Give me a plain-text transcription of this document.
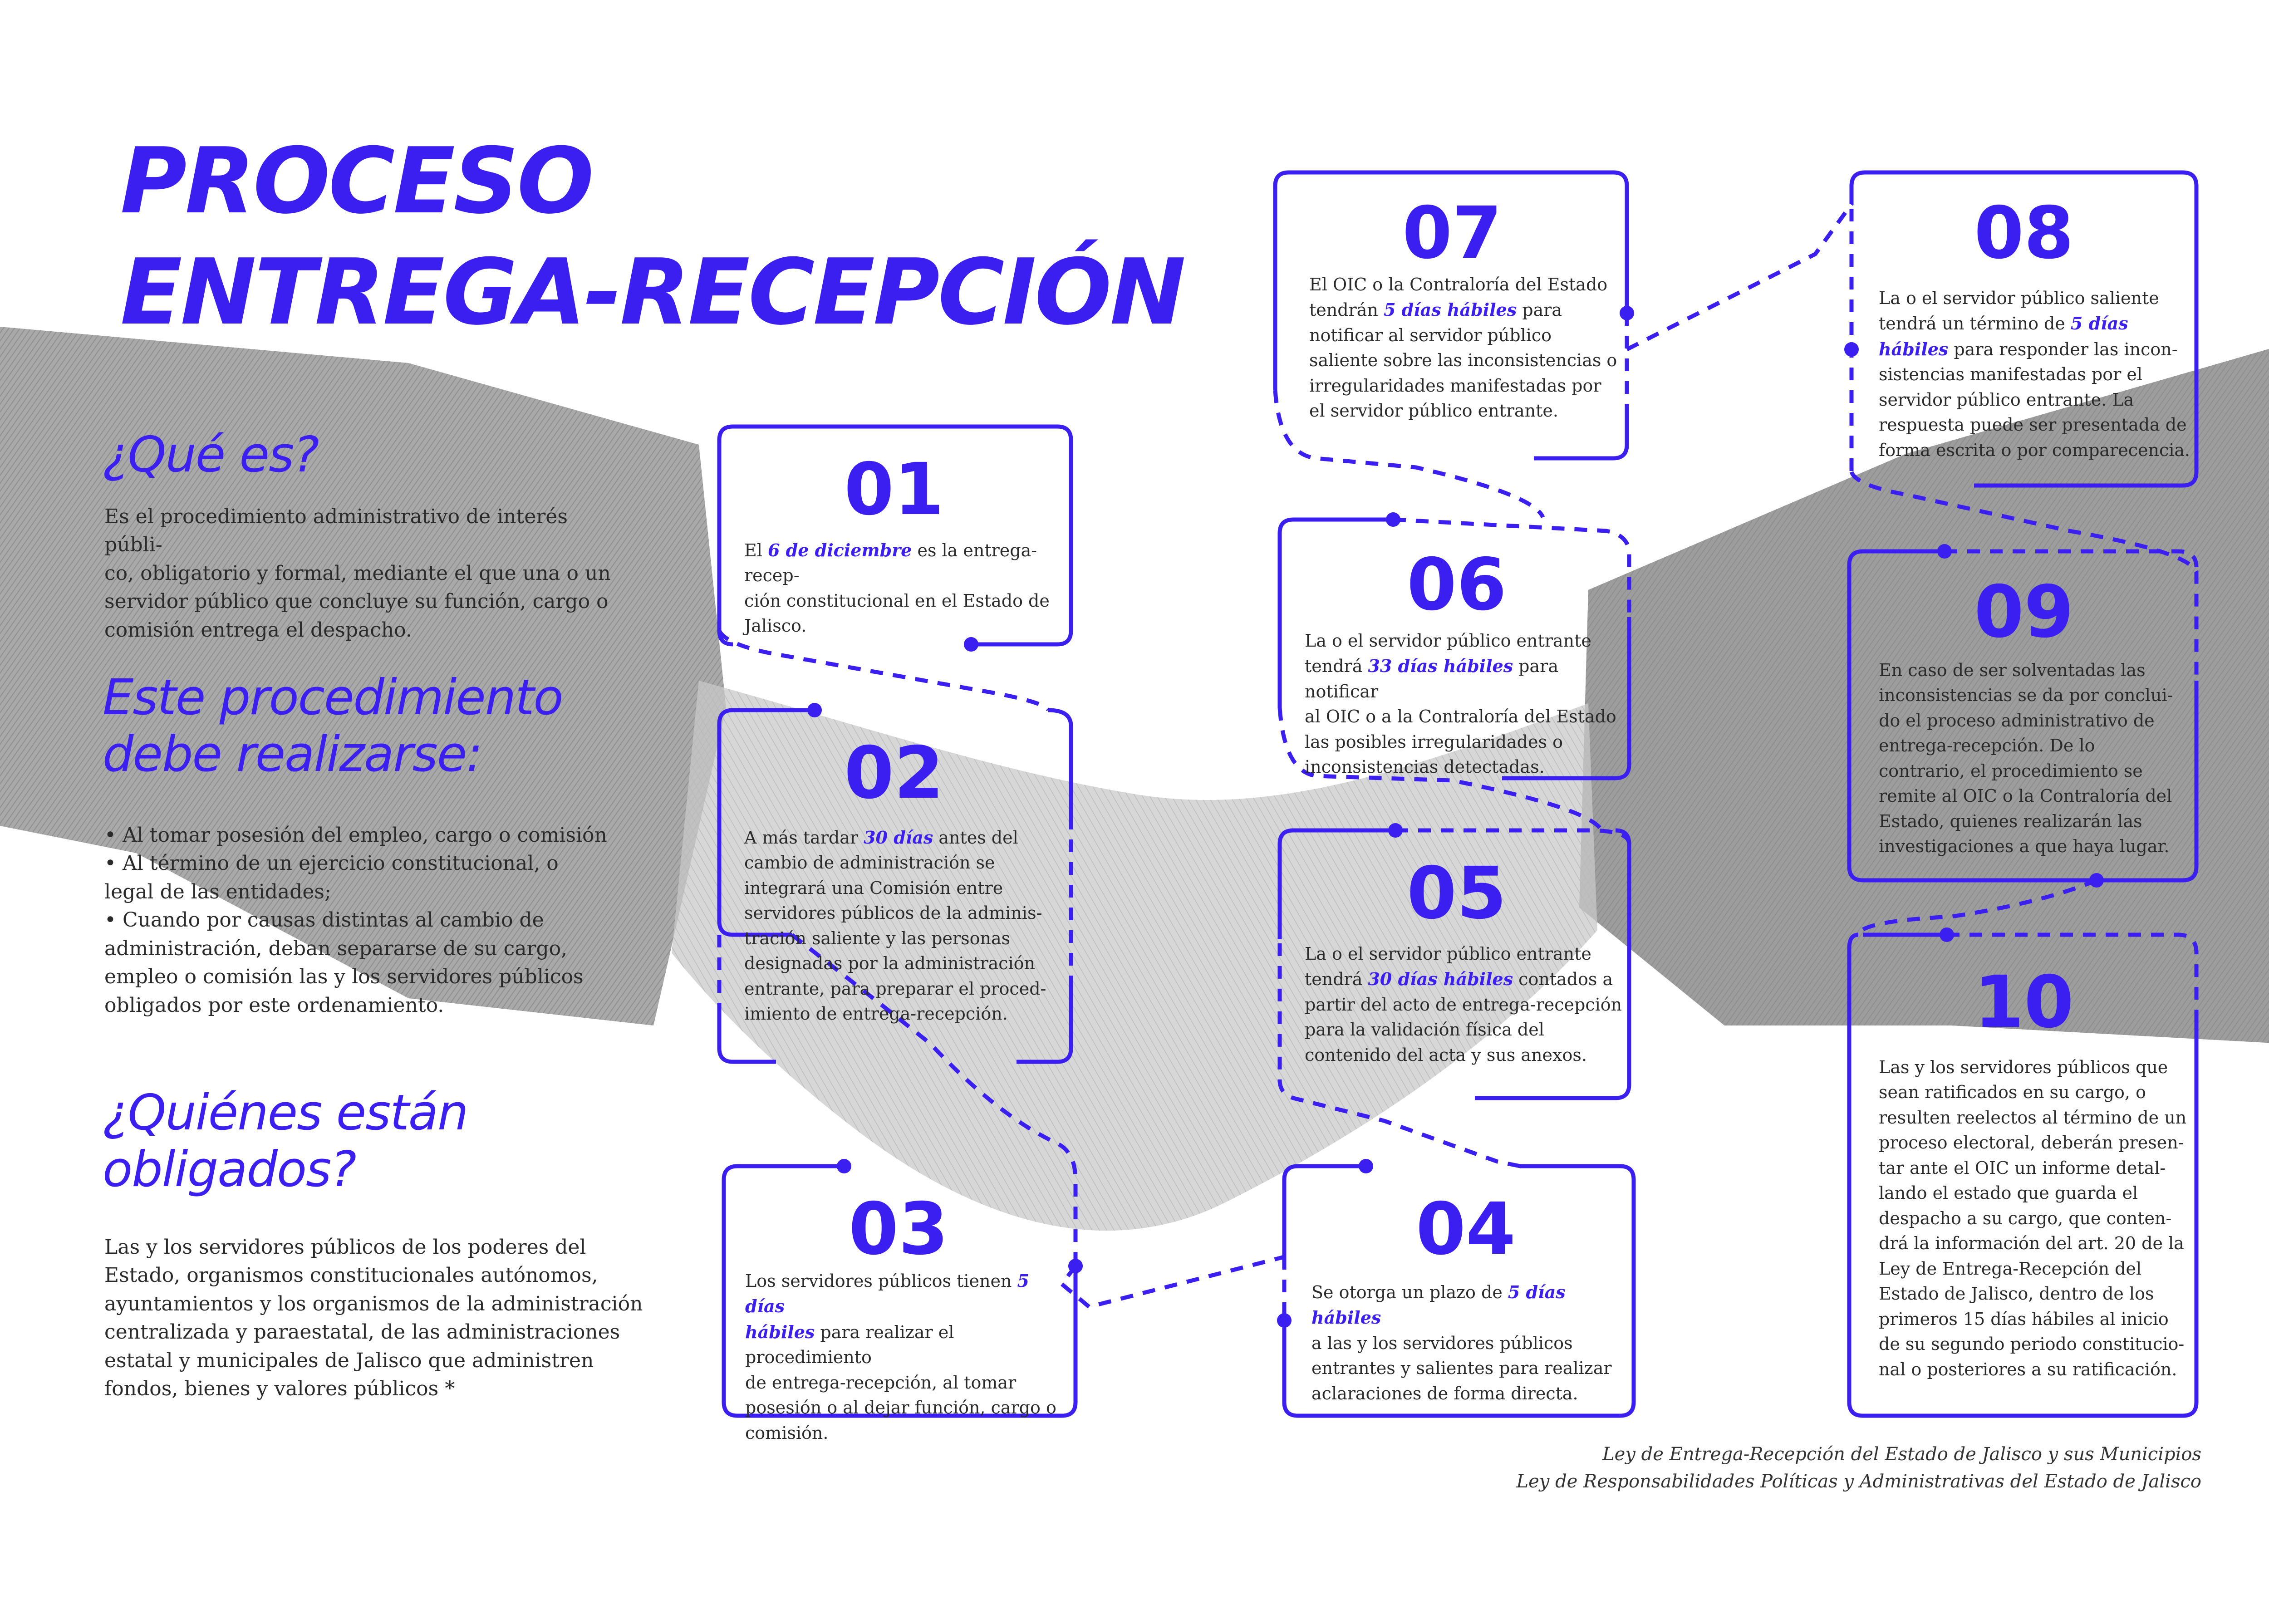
PROCESO
ENTREGA-RECEPCIÓN
¿Qué es?
Es el procedimiento administrativo de interés públi-
co, obligatorio y formal, mediante el que una o un
servidor público que concluye su función, cargo o
comisión entrega el despacho.
Este procedimiento
debe realizarse:
• Al tomar posesión del empleo, cargo o comisión
• Al término de un ejercicio constitucional, o
legal de las entidades;
• Cuando por causas distintas al cambio de
administración, deban separarse de su cargo,
empleo o comisión las y los servidores públicos
obligados por este ordenamiento.
¿Quiénes están
obligados?
Las y los servidores públicos de los poderes del
Estado, organismos constitucionales autónomos,
ayuntamientos y los organismos de la administración
centralizada y paraestatal, de las administraciones
estatal y municipales de Jalisco que administren
fondos, bienes y valores públicos *
01
El 6 de diciembre es la entrega-recep-
ción constitucional en el Estado de
Jalisco.
02
A más tardar 30 días antes del
cambio de administración se
integrará una Comisión entre
servidores públicos de la adminis-
tración saliente y las personas
designadas por la administración
entrante, para preparar el proced-
imiento de entrega-recepción.
03
Los servidores públicos tienen 5 días
hábiles para realizar el procedimiento
de entrega-recepción, al tomar
posesión o al dejar función, cargo o
comisión.
04
Se otorga un plazo de 5 días hábiles
a las y los servidores públicos
entrantes y salientes para realizar
aclaraciones de forma directa.
05
La o el servidor público entrante
tendrá 30 días hábiles contados a
partir del acto de entrega-recepción
para la validación física del
contenido del acta y sus anexos.
06
La o el servidor público entrante
tendrá 33 días hábiles para notificar
al OIC o a la Contraloría del Estado
las posibles irregularidades o
inconsistencias detectadas.
07
El OIC o la Contraloría del Estado
tendrán 5 días hábiles para
notificar al servidor público
saliente sobre las inconsistencias o
irregularidades manifestadas por
el servidor público entrante.
08
La o el servidor público saliente
tendrá un término de 5 días
hábiles para responder las incon-
sistencias manifestadas por el
servidor público entrante. La
respuesta puede ser presentada de
forma escrita o por comparecencia.
09
En caso de ser solventadas las
inconsistencias se da por conclui-
do el proceso administrativo de
entrega-recepción. De lo
contrario, el procedimiento se
remite al OIC o la Contraloría del
Estado, quienes realizarán las
investigaciones a que haya lugar.
10
Las y los servidores públicos que
sean ratificados en su cargo, o
resulten reelectos al término de un
proceso electoral, deberán presen-
tar ante el OIC un informe detal-
lando el estado que guarda el
despacho a su cargo, que conten-
drá la información del art. 20 de la
Ley de Entrega-Recepción del
Estado de Jalisco, dentro de los
primeros 15 días hábiles al inicio
de su segundo periodo constitucio-
nal o posteriores a su ratificación.
Ley de Entrega-Recepción del Estado de Jalisco y sus Municipios
Ley de Responsabilidades Políticas y Administrativas del Estado de Jalisco
